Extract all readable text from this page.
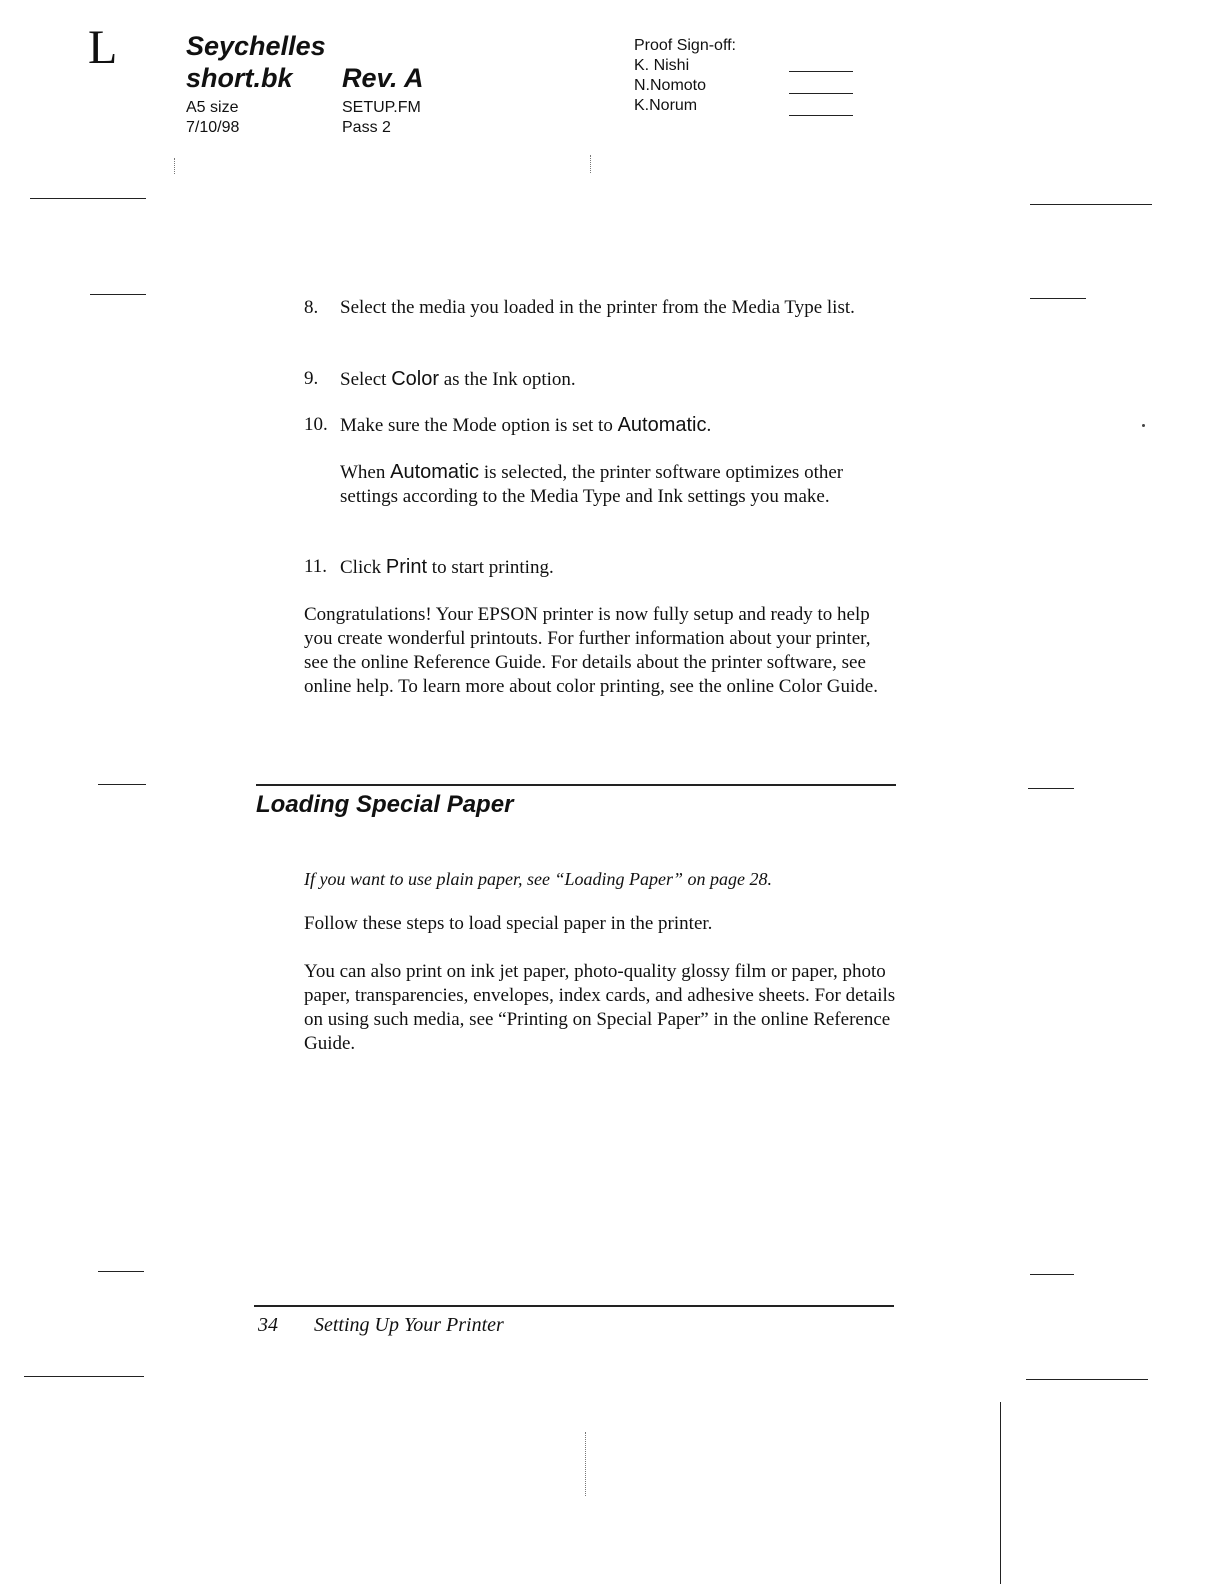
L	Seychelles
short.bk Rev. A
A5 size
7/10/98
SETUP.FM
Pass 2
Proof Sign-off:
K. Nishi
N.Nomoto
K.Norum
8.	Select the media you loaded in the printer from the Media Type list.
9.	Select Color as the Ink option.
10. Make sure the Mode option is set to Automatic.
When Automatic is selected, the printer software optimizes other settings according to the Media Type and Ink settings you make.
11. Click Print to start printing.
Congratulations! Your EPSON printer is now fully setup and ready to help you create wonderful printouts. For further information about your printer, see the online Reference Guide. For details about the printer software, see online help. To learn more about color printing, see the online Color Guide.
Loading Special Paper
If you want to use plain paper, see “Loading Paper” on page 28.
Follow these steps to load special paper in the printer.
You can also print on ink jet paper, photo-quality glossy film or paper, photo paper, transparencies, envelopes, index cards, and adhesive sheets. For details on using such media, see “Printing on Special Paper” in the online Reference Guide.
34 Setting Up Your Printer
